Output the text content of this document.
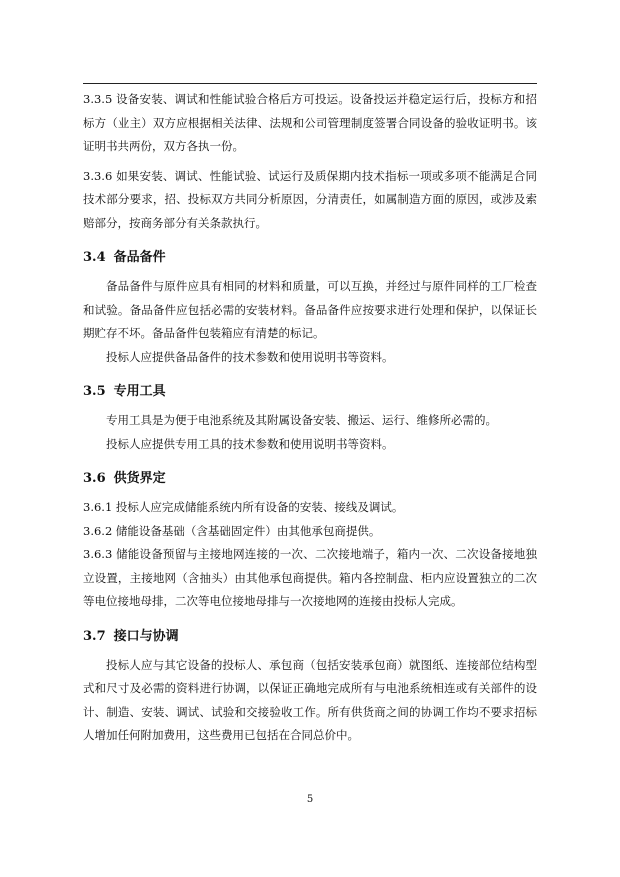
3.3.5 设备安装、调试和性能试验合格后方可投运。设备投运并稳定运行后，投标方和招标方（业主）双方应根据相关法律、法规和公司管理制度签署合同设备的验收证明书。该证明书共两份，双方各执一份。

3.3.6 如果安装、调试、性能试验、试运行及质保期内技术指标一项或多项不能满足合同技术部分要求，招、投标双方共同分析原因，分清责任，如属制造方面的原因，或涉及索赔部分，按商务部分有关条款执行。

3.4 备品备件

备品备件与原件应具有相同的材料和质量，可以互换，并经过与原件同样的工厂检查和试验。备品备件应包括必需的安装材料。备品备件应按要求进行处理和保护，以保证长期贮存不坏。备品备件包装箱应有清楚的标记。

投标人应提供备品备件的技术参数和使用说明书等资料。

3.5 专用工具

专用工具是为便于电池系统及其附属设备安装、搬运、运行、维修所必需的。

投标人应提供专用工具的技术参数和使用说明书等资料。

3.6 供货界定

3.6.1 投标人应完成储能系统内所有设备的安装、接线及调试。

3.6.2 储能设备基础（含基础固定件）由其他承包商提供。

3.6.3 储能设备预留与主接地网连接的一次、二次接地端子，箱内一次、二次设备接地独立设置，主接地网（含抽头）由其他承包商提供。箱内各控制盘、柜内应设置独立的二次等电位接地母排，二次等电位接地母排与一次接地网的连接由投标人完成。

3.7 接口与协调

投标人应与其它设备的投标人、承包商（包括安装承包商）就图纸、连接部位结构型式和尺寸及必需的资料进行协调，以保证正确地完成所有与电池系统相连或有关部件的设计、制造、安装、调试、试验和交接验收工作。所有供货商之间的协调工作均不要求招标人增加任何附加费用，这些费用已包括在合同总价中。

5
